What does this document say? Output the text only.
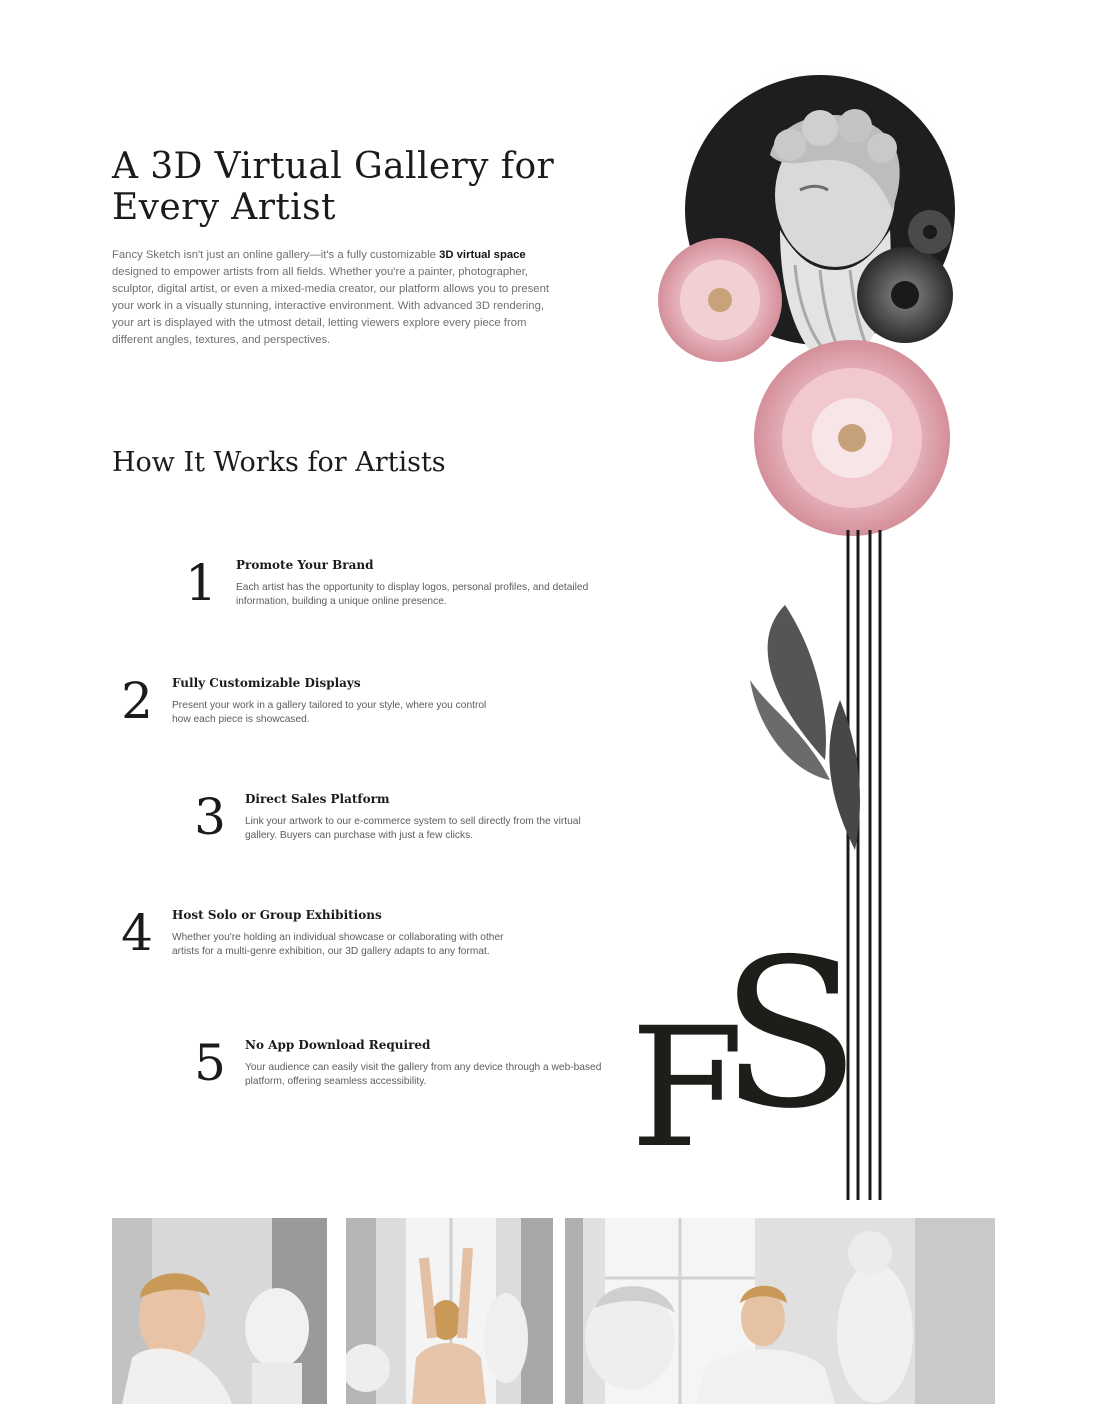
A 3D Virtual Gallery for Every Artist

Fancy Sketch isn't just an online gallery—it's a fully customizable 3D virtual space designed to empower artists from all fields. Whether you're a painter, photographer, sculptor, digital artist, or even a mixed-media creator, our platform allows you to present your work in a visually stunning, interactive environment. With advanced 3D rendering, your art is displayed with the utmost detail, letting viewers explore every piece from different angles, textures, and perspectives.

How It Works for Artists
1	Promote Your Brand

Each artist has the opportunity to display logos, personal profiles, and detailed information, building a unique online presence.

2	Fully Customizable Displays

Present your work in a gallery tailored to your style, where you control how each piece is showcased.

3	Direct Sales Platform

Link your artwork to our e-commerce system to sell directly from the virtual gallery. Buyers can purchase with just a few clicks.

4	Host Solo or Group Exhibitions

Whether you're holding an individual showcase or collaborating with other artists for a multi-genre exhibition, our 3D gallery adapts to any format.

5	No App Download Required

Your audience can easily visit the gallery from any device through a web-based platform, offering seamless accessibility.	F
S
